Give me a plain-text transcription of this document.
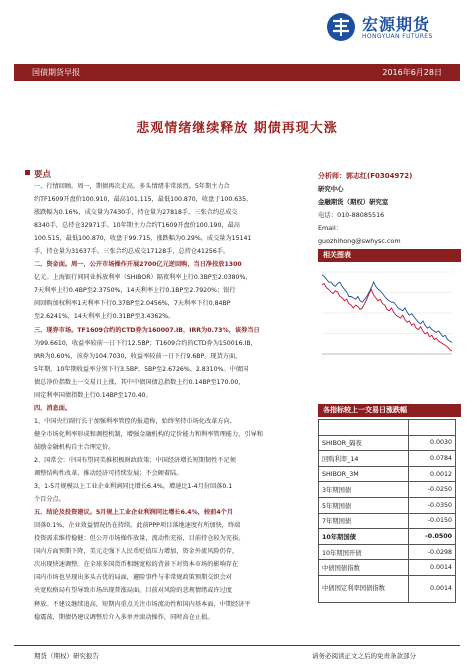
宏源期货
HONGYUAN FUTURES
国债期货早报	2016年6月28日
悲观情绪继续释放 期债再现大涨
要点
一、行情回顾。周一，期债再次走高，多头情绪非常浓烈。5年期主力合
约TF1609开盘价100.910，最高101.115，最低100.870，收盘于100.635，
涨跌幅为0.16%，成交量为7430手，持仓量为27818手，三张合约总成交
8340手，总持仓32971手。10年期主力合约T1609开盘价100.190，最高
100.515，最低100.870，收盘于99.715，涨跌幅为0.29%，成交量为15141
手，持仓量为31637手。三张合约总成交17128手，总持仓41256手。
二、资金面。周一，公开市场操作开展2700亿元逆回购，当日净投放1300
亿元。上海银行间同业拆放利率（SHIBOR）隔夜利率上行0.3BP至2.0380%，
7天利率上行0.4BP至2.3750%，14天利率上行0.1BP至2.7920%；银行
间回购加权利率1天利率下行0.37BP至2.0456%，7天利率下行0.84BP
至2.6241%，14天利率上行0.31BP至3.4362%。
三、现券市场。TF1609合约的CTD券为160007.IB，IRR为0.73%，该券当日
为99.6610，收益率较前一日下行12.5BP；T1609合约的CTD券为150016.IB，
IRR为0.60%，该券为104.7030，收益率较前一日下行9.6BP。现货方面，
5年期、10年期收益率分别下行3.5BP、5BP至2.6726%、2.8310%。中债国
债总净价指数上一交易日上涨，其中中债国债总指数上行0.14BP至170.00，
固定利率国债指数上行0.14BP至170.40。
四、消息面。
1、中国央行副行长于加强利率管控的报道称，始终坚持市场化改革方向，
健全市场化利率形成和调控机制，增强金融机构的定价能力和利率管理能力，引导和
鼓励金融机构自主合理定价。
2、国常会：中国有望同美推积极财政政策；中国经济增长短期韧性不足须
调整结构性改革，推动经济可持续发展；不会硬着陆。
3、1-5月规模以上工业企业利润同比增长6.4%，增速比1-4月份回落0.1
个百分点。
五、结论及投资建议。5月规上工业企业利润同比增长6.4%，较前4个月
回落0.1%，企业效益情况仍在持续。此前PPP项目落地速度有所加快，终端
投资需求维持稳健；但公开市场操作放量，流动性充裕，目前持仓较为充裕。
国内方面预期下降，美元走强下人民币贬值压力增加，资金外流风险仍存，
次出现快速调整。在全球多国货币相继宽松的背景下对资本市场的影响存在
国内市场也呈现出多头占优的局面，避险事件与非常规政策预期交织会对
央宽松格局有望导致市场出现普涨局面。目前对风险的悲观情绪或许过度
释放。不建议继续追高，短期内重点关注市场流动性和国内基本面，中期经济平
稳震荡，期债仍建议调整后介入多单并滚动操作，同时高仓止损。
分析师：郭志红(F0304972)
研究中心
金融期货（期权）研究室
电话：010-88085516
Email：
guozhihong@swhysc.com
相关图表
各指标较上一交易日涨跌幅

SHIBOR_隔夜	0.0030
回购利率_14	0.0784
SHIBOR_3M	0.0012
3年期国债	-0.0250
5年期国债	-0.0350
7年期国债	-0.0150
10年期国债	-0.0500
10年期国开债	-0.0298
中债国债指数	0.0014
中债国定利率国债指数	0.0014
期货（期权）研究报告	请务必阅读正文之后的免责条款部分
